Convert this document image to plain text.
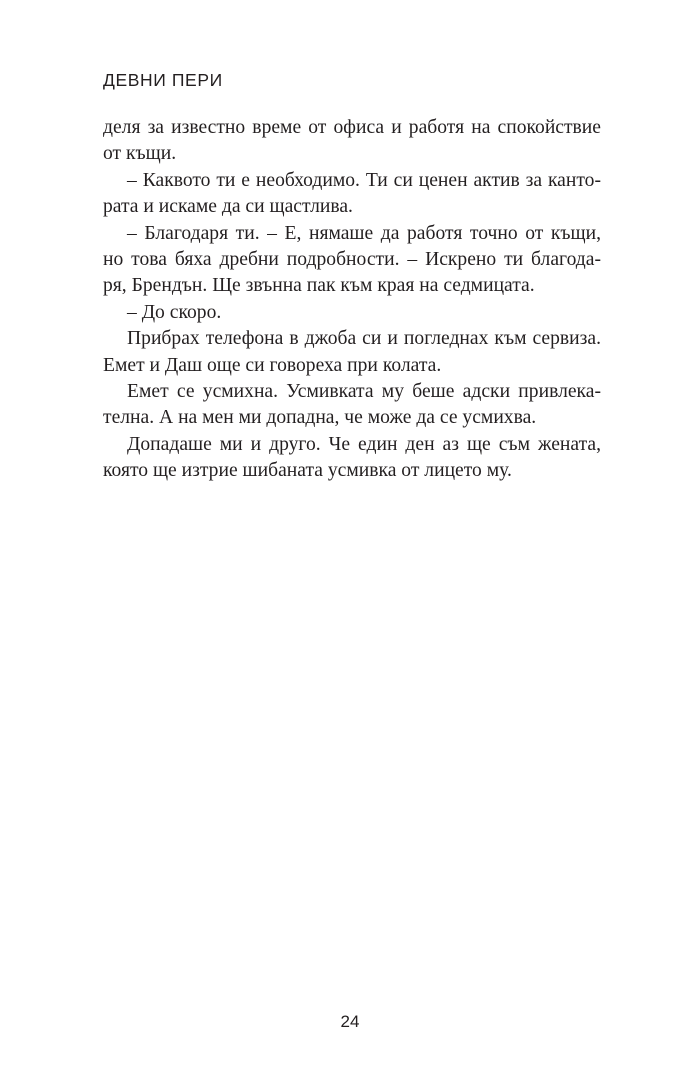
ДЕВНИ ПЕРИ
деля за известно време от офиса и работя на спокойствие
от къщи.
– Каквото ти е необходимо. Ти си ценен актив за канто-
рата и искаме да си щастлива.
– Благодаря ти. – Е, нямаше да работя точно от къщи,
но това бяха дребни подробности. – Искрено ти благода-
ря, Брендън. Ще звънна пак към края на седмицата.
– До скоро.
Прибрах телефона в джоба си и погледнах към сервиза.
Емет и Даш още си говореха при колата.
Емет се усмихна. Усмивката му беше адски привлека-
телна. А на мен ми допадна, че може да се усмихва.
Допадаше ми и друго. Че един ден аз ще съм жената,
която ще изтрие шибаната усмивка от лицето му.
24
